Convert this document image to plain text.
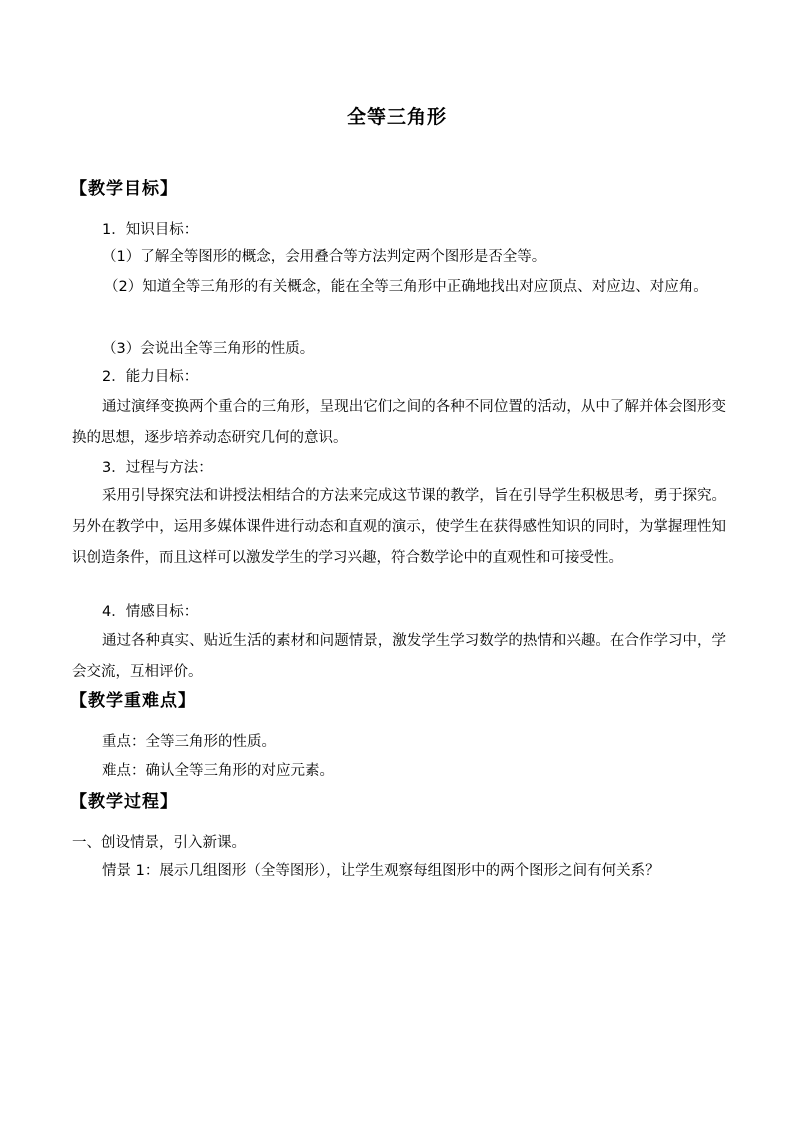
全等三角形
【教学目标】
1．知识目标：
（1）了解全等图形的概念，会用叠合等方法判定两个图形是否全等。
（2）知道全等三角形的有关概念，能在全等三角形中正确地找出对应顶点、对应边、对应角。
（3）会说出全等三角形的性质。
2．能力目标：
通过演绎变换两个重合的三角形，呈现出它们之间的各种不同位置的活动，从中了解并体会图形变换的思想，逐步培养动态研究几何的意识。
3．过程与方法：
采用引导探究法和讲授法相结合的方法来完成这节课的教学，旨在引导学生积极思考，勇于探究。另外在教学中，运用多媒体课件进行动态和直观的演示，使学生在获得感性知识的同时，为掌握理性知识创造条件，而且这样可以激发学生的学习兴趣，符合数学论中的直观性和可接受性。
4．情感目标：
通过各种真实、贴近生活的素材和问题情景，激发学生学习数学的热情和兴趣。在合作学习中，学会交流，互相评价。
【教学重难点】
重点：全等三角形的性质。
难点：确认全等三角形的对应元素。
【教学过程】
一、创设情景，引入新课。
情景 1：展示几组图形（全等图形），让学生观察每组图形中的两个图形之间有何关系？
